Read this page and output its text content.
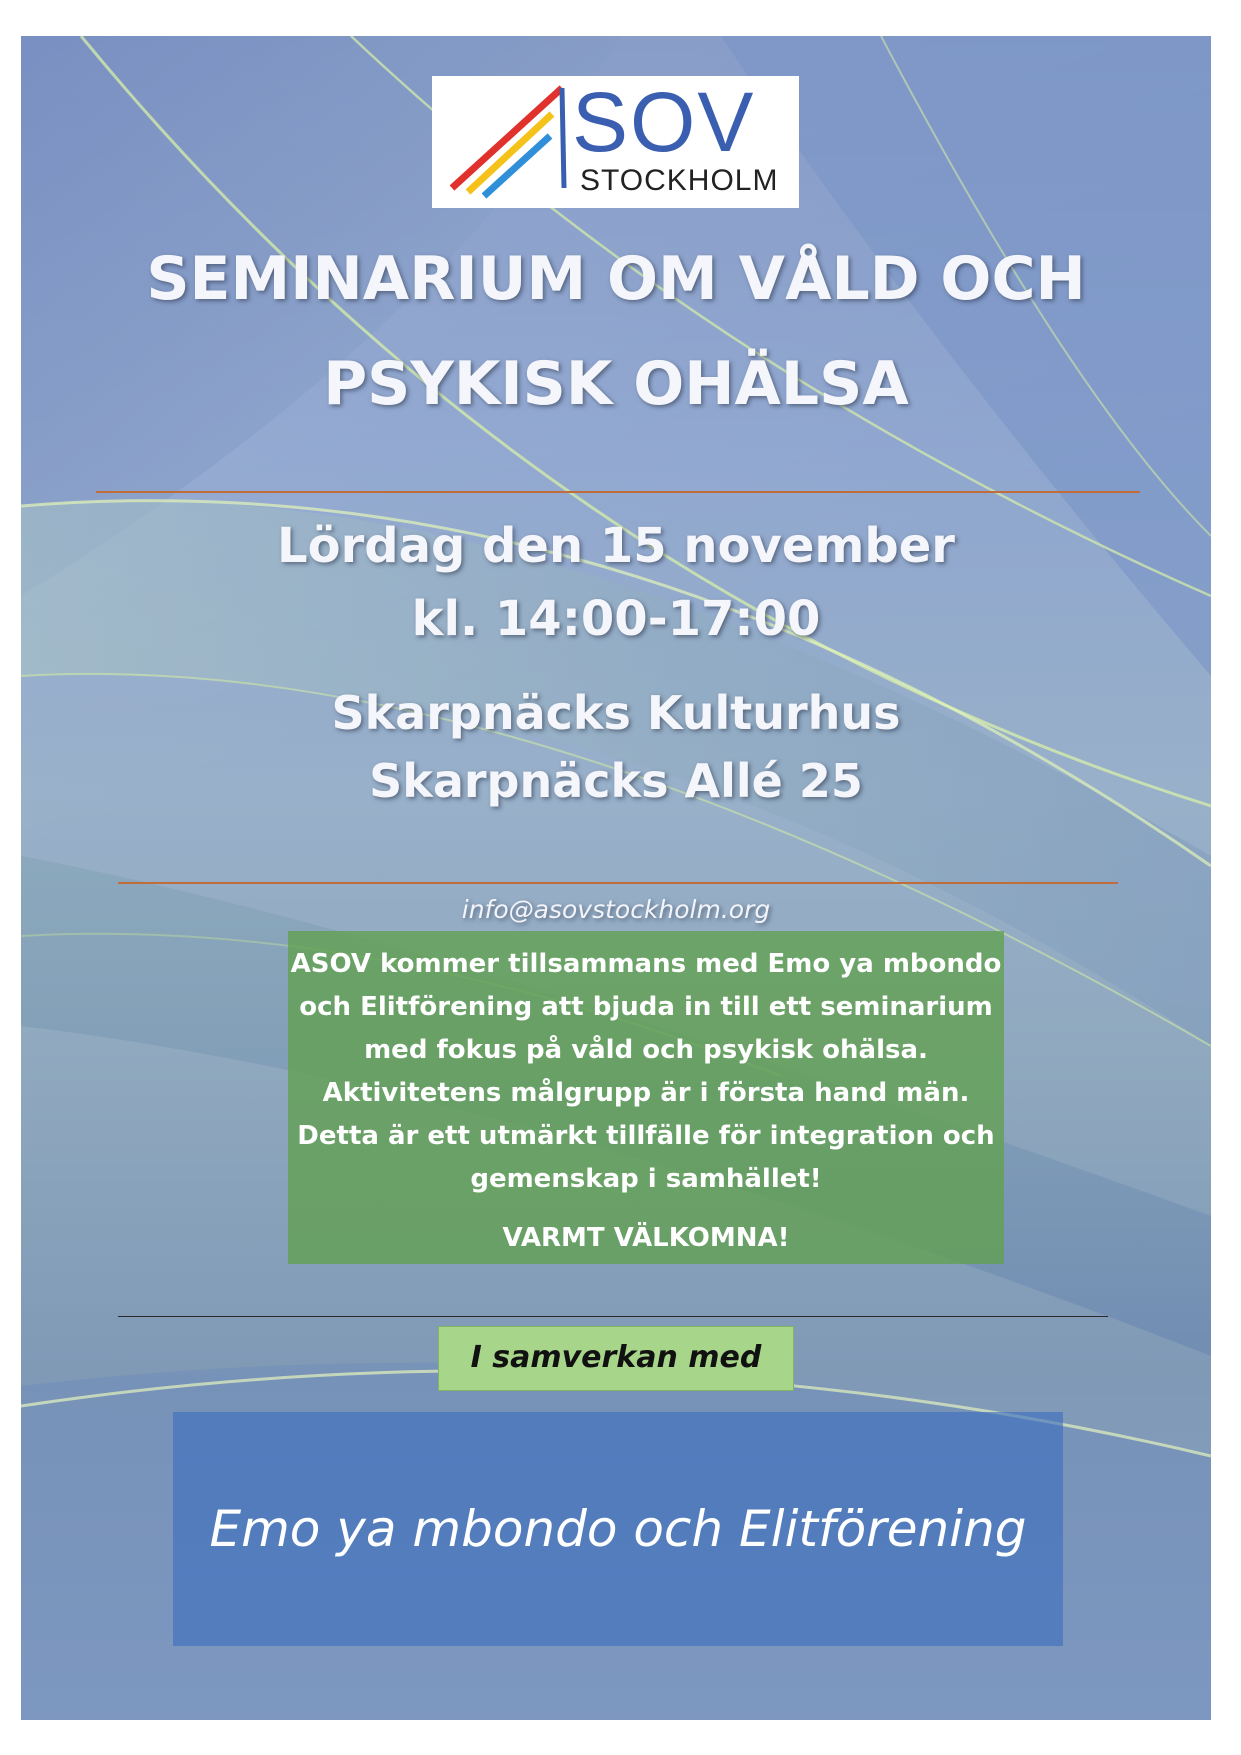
SOV
STOCKHOLM
SEMINARIUM OM VÅLD OCH
PSYKISK OHÄLSA
Lördag den 15 november
kl. 14:00-17:00
Skarpnäcks Kulturhus
Skarpnäcks Allé 25
info@asovstockholm.org
ASOV kommer tillsammans med Emo ya mbondo
och Elitförening att bjuda in till ett seminarium
med fokus på våld och psykisk ohälsa.
Aktivitetens målgrupp är i första hand män.
Detta är ett utmärkt tillfälle för integration och
gemenskap i samhället!
VARMT VÄLKOMNA!
I samverkan med
Emo ya mbondo och Elitförening
